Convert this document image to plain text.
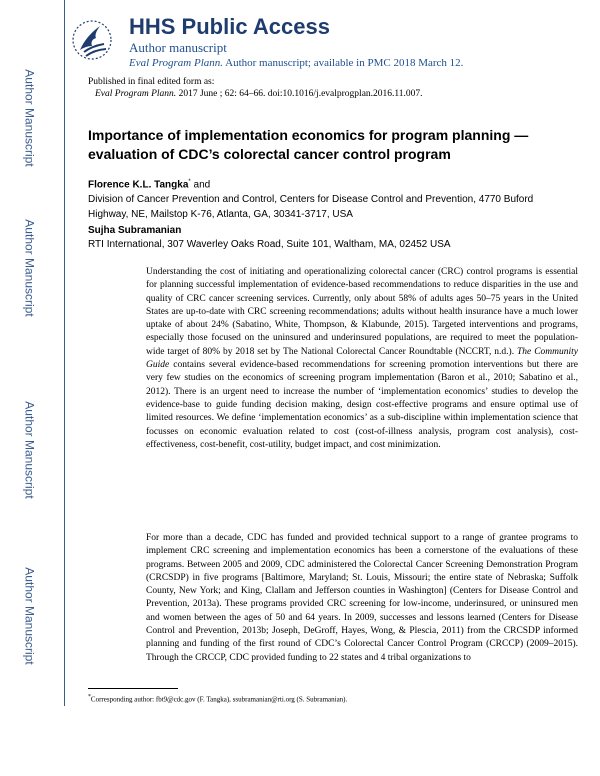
Author Manuscript
Author Manuscript
Author Manuscript
Author Manuscript
HHS Public Access
Author manuscript
Eval Program Plann. Author manuscript; available in PMC 2018 March 12.
Published in final edited form as:
Eval Program Plann. 2017 June ; 62: 64–66. doi:10.1016/j.evalprogplan.2016.11.007.
Importance of implementation economics for program planning —evaluation of CDC’s colorectal cancer control program
Florence K.L. Tangka* and
Division of Cancer Prevention and Control, Centers for Disease Control and Prevention, 4770 Buford Highway, NE, Mailstop K-76, Atlanta, GA, 30341-3717, USA
Sujha Subramanian
RTI International, 307 Waverley Oaks Road, Suite 101, Waltham, MA, 02452 USA
Understanding the cost of initiating and operationalizing colorectal cancer (CRC) control programs is essential for planning successful implementation of evidence-based recommendations to reduce disparities in the use and quality of CRC cancer screening services. Currently, only about 58% of adults ages 50–75 years in the United States are up-to-date with CRC screening recommendations; adults without health insurance have a much lower uptake of about 24% (Sabatino, White, Thompson, & Klabunde, 2015). Targeted interventions and programs, especially those focused on the uninsured and underinsured populations, are required to meet the population-wide target of 80% by 2018 set by The National Colorectal Cancer Roundtable (NCCRT, n.d.). The Community Guide contains several evidence-based recommendations for screening promotion interventions but there are very few studies on the economics of screening program implementation (Baron et al., 2010; Sabatino et al., 2012). There is an urgent need to increase the number of ‘implementation economics’ studies to develop the evidence-base to guide funding decision making, design cost-effective programs and ensure optimal use of limited resources. We define ‘implementation economics’ as a sub-discipline within implementation science that focusses on economic evaluation related to cost (cost-of-illness analysis, program cost analysis), cost-effectiveness, cost-benefit, cost-utility, budget impact, and cost minimization.
For more than a decade, CDC has funded and provided technical support to a range of grantee programs to implement CRC screening and implementation economics has been a cornerstone of the evaluations of these programs. Between 2005 and 2009, CDC administered the Colorectal Cancer Screening Demonstration Program (CRCSDP) in five programs [Baltimore, Maryland; St. Louis, Missouri; the entire state of Nebraska; Suffolk County, New York; and King, Clallam and Jefferson counties in Washington] (Centers for Disease Control and Prevention, 2013a). These programs provided CRC screening for low-income, underinsured, or uninsured men and women between the ages of 50 and 64 years. In 2009, successes and lessons learned (Centers for Disease Control and Prevention, 2013b; Joseph, DeGroff, Hayes, Wong, & Plescia, 2011) from the CRCSDP informed planning and funding of the first round of CDC’s Colorectal Cancer Control Program (CRCCP) (2009–2015). Through the CRCCP, CDC provided funding to 22 states and 4 tribal organizations to
*Corresponding author: fbt9@cdc.gov (F. Tangka), ssubramanian@rti.org (S. Subramanian).
